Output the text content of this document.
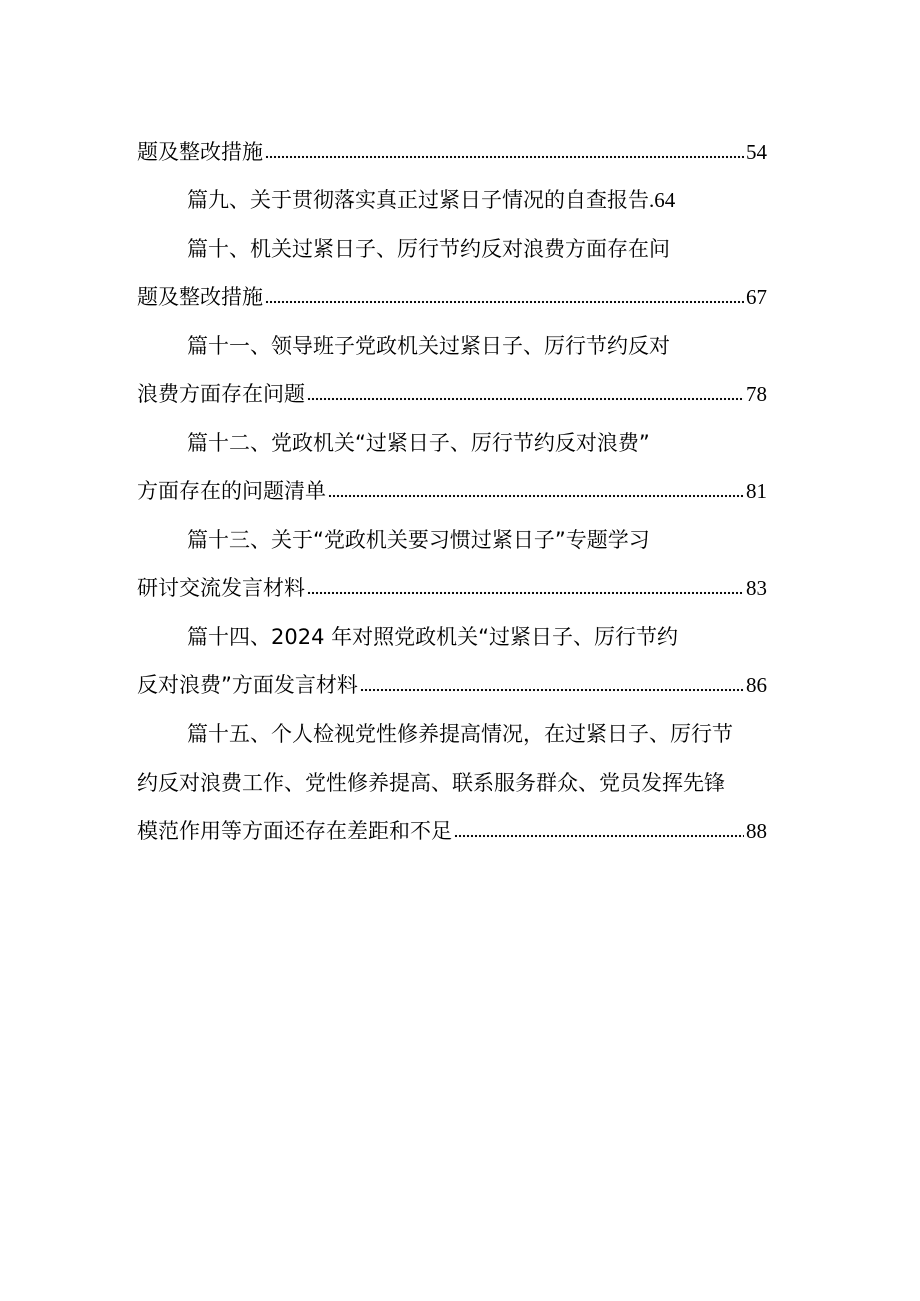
题及整改措施	54
篇九、关于贯彻落实真正过紧日子情况的自查报告 .64
篇十、机关过紧日子、厉行节约反对浪费方面存在问
题及整改措施	67
篇十一、领导班子党政机关过紧日子、厉行节约反对
浪费方面存在问题	78
篇十二、党政机关“过紧日子、厉行节约反对浪费”
方面存在的问题清单	81
篇十三、关于“党政机关要习惯过紧日子”专题学习
研讨交流发言材料	83
篇十四、2024 年对照党政机关“过紧日子、厉行节约
反对浪费”方面发言材料	86
篇十五、个人检视党性修养提高情况，在过紧日子、厉行节
约反对浪费工作、党性修养提高、联系服务群众、党员发挥先锋
模范作用等方面还存在差距和不足	88
